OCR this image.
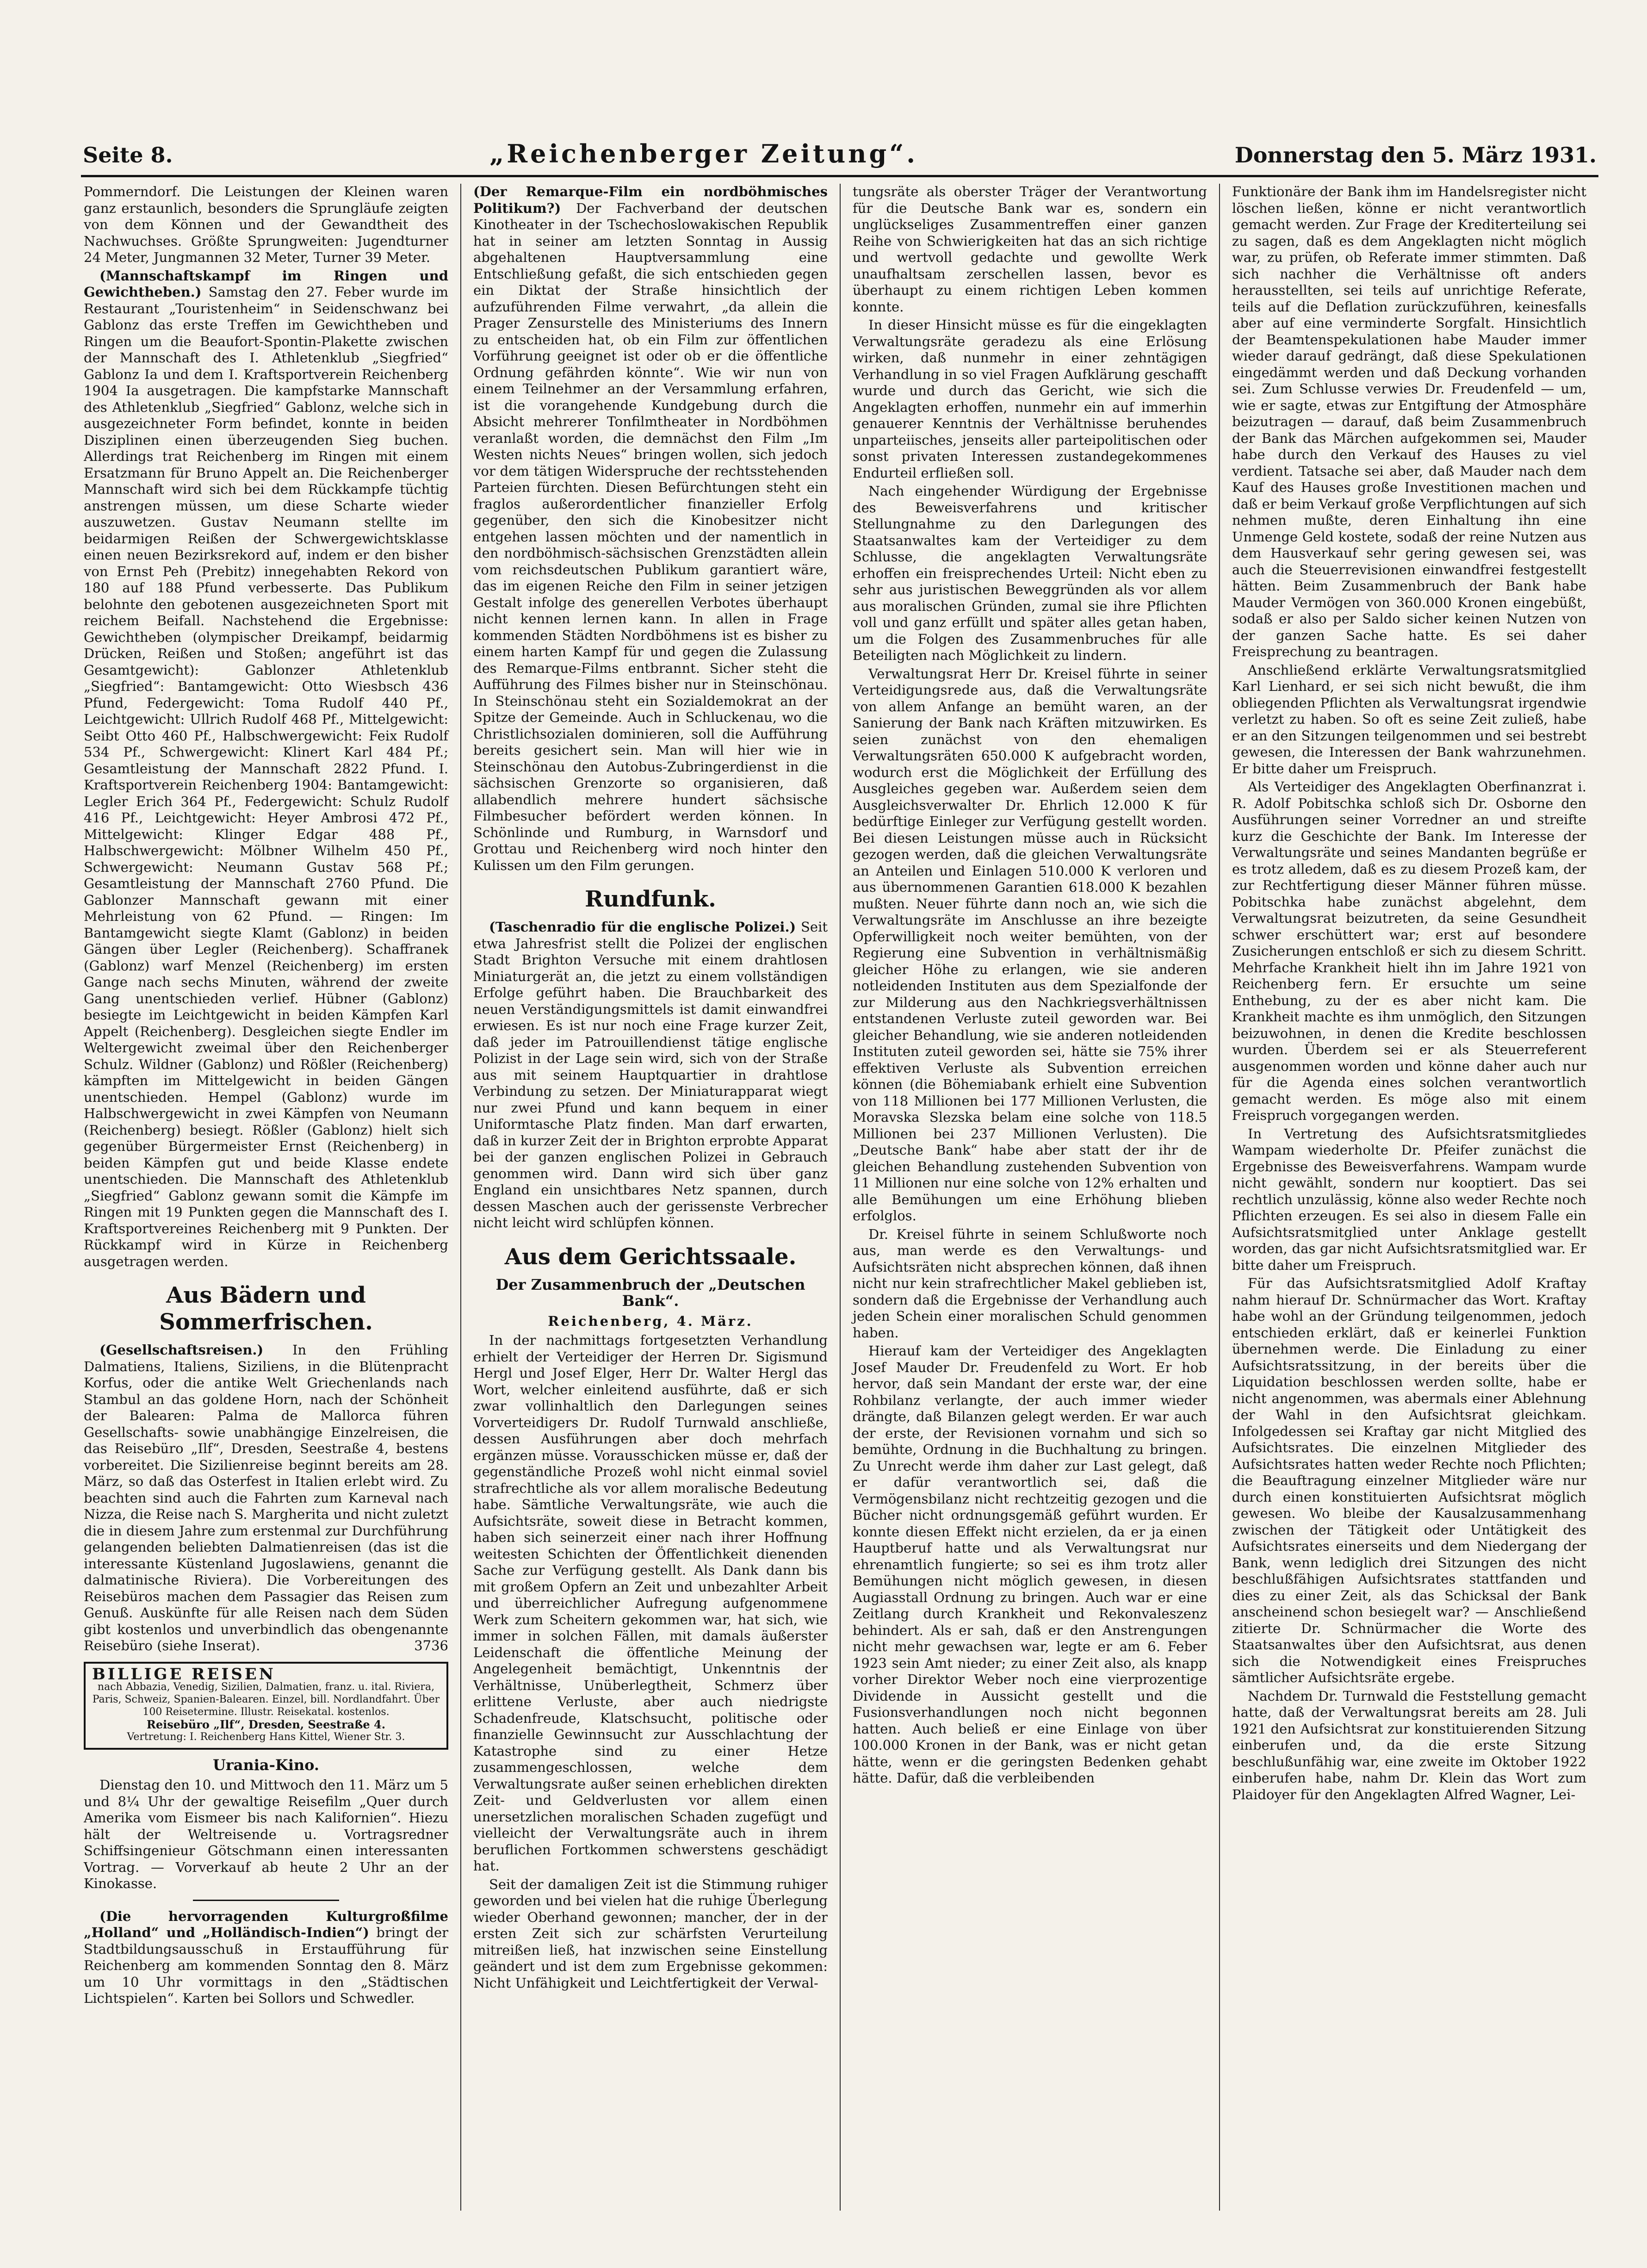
Seite 8.	„Reichenberger Zeitung“.	Donnerstag den 5. März 1931.

Pommerndorf. Die Leistungen der Kleinen waren ganz erstaunlich, besonders die Sprungläufe zeigten von dem Können und der Gewandtheit des Nachwuchses. Größte Sprungweiten: Jugendturner 24 Meter, Jungmannen 32 Meter, Turner 39 Meter.

(Mannschaftskampf im Ringen und Gewichtheben.) Samstag den 27. Feber wurde im Restaurant „Touristenheim“ in Seidenschwanz bei Gablonz das erste Treffen im Gewichtheben und Ringen um die Beaufort-Spontin-Plakette zwischen der Mannschaft des I. Athletenklub „Siegfried“ Gablonz Ia und dem I. Kraftsportverein Reichenberg 1904 Ia ausgetragen. Die kampfstarke Mannschaft des Athletenklub „Siegfried“ Gablonz, welche sich in ausgezeichneter Form befindet, konnte in beiden Disziplinen einen überzeugenden Sieg buchen. Allerdings trat Reichenberg im Ringen mit einem Ersatzmann für Bruno Appelt an. Die Reichenberger Mannschaft wird sich bei dem Rückkampfe tüchtig anstrengen müssen, um diese Scharte wieder auszuwetzen. Gustav Neumann stellte im beidarmigen Reißen der Schwergewichtsklasse einen neuen Bezirksrekord auf, indem er den bisher von Ernst Peh (Prebitz) innegehabten Rekord von 180 auf 188 Pfund verbesserte. Das Publikum belohnte den gebotenen ausgezeichneten Sport mit reichem Beifall. Nachstehend die Ergebnisse: Gewichtheben (olympischer Dreikampf, beidarmig Drücken, Reißen und Stoßen; angeführt ist das Gesamtgewicht): Gablonzer Athletenklub „Siegfried“: Bantamgewicht: Otto Wiesbsch 436 Pfund, Federgewicht: Toma Rudolf 440 Pf., Leichtgewicht: Ullrich Rudolf 468 Pf., Mittelgewicht: Seibt Otto 460 Pf., Halbschwergewicht: Feix Rudolf 534 Pf., Schwergewicht: Klinert Karl 484 Pf.; Gesamtleistung der Mannschaft 2822 Pfund. I. Kraftsportverein Reichenberg 1904: Bantamgewicht: Legler Erich 364 Pf., Federgewicht: Schulz Rudolf 416 Pf., Leichtgewicht: Heyer Ambrosi 472 Pf., Mittelgewicht: Klinger Edgar 488 Pf., Halbschwergewicht: Mölbner Wilhelm 450 Pf., Schwergewicht: Neumann Gustav 568 Pf.; Gesamtleistung der Mannschaft 2760 Pfund. Die Gablonzer Mannschaft gewann mit einer Mehrleistung von 62 Pfund. — Ringen: Im Bantamgewicht siegte Klamt (Gablonz) in beiden Gängen über Legler (Reichenberg). Schaffranek (Gablonz) warf Menzel (Reichenberg) im ersten Gange nach sechs Minuten, während der zweite Gang unentschieden verlief. Hübner (Gablonz) besiegte im Leichtgewicht in beiden Kämpfen Karl Appelt (Reichenberg). Desgleichen siegte Endler im Weltergewicht zweimal über den Reichenberger Schulz. Wildner (Gablonz) und Rößler (Reichenberg) kämpften im Mittelgewicht in beiden Gängen unentschieden. Hempel (Gablonz) wurde im Halbschwergewicht in zwei Kämpfen von Neumann (Reichenberg) besiegt. Rößler (Gablonz) hielt sich gegenüber Bürgermeister Ernst (Reichenberg) in beiden Kämpfen gut und beide Klasse endete unentschieden. Die Mannschaft des Athletenklub „Siegfried“ Gablonz gewann somit die Kämpfe im Ringen mit 19 Punkten gegen die Mannschaft des I. Kraftsportvereines Reichenberg mit 9 Punkten. Der Rückkampf wird in Kürze in Reichenberg ausgetragen werden.

Aus Bädern und Sommerfrischen.

(Gesellschaftsreisen.) In den Frühling Dalmatiens, Italiens, Siziliens, in die Blütenpracht Korfus, oder die antike Welt Griechenlands nach Stambul an das goldene Horn, nach der Schönheit der Balearen: Palma de Mallorca führen Gesellschafts- sowie unabhängige Einzelreisen, die das Reisebüro „Ilf“, Dresden, Seestraße 4, bestens vorbereitet. Die Sizilienreise beginnt bereits am 28. März, so daß das Osterfest in Italien erlebt wird. Zu beachten sind auch die Fahrten zum Karneval nach Nizza, die Reise nach S. Margherita und nicht zuletzt die in diesem Jahre zum erstenmal zur Durchführung gelangenden beliebten Dalmatienreisen (das ist die interessante Küstenland Jugoslawiens, genannt die dalmatinische Riviera). Die Vorbereitungen des Reisebüros machen dem Passagier das Reisen zum Genuß. Auskünfte für alle Reisen nach dem Süden gibt kostenlos und unverbindlich das obengenannte Reisebüro (siehe Inserat).	3736

BILLIGE REISEN
nach Abbazia, Venedig, Sizilien, Dalmatien, franz. u. ital. Riviera, Paris, Schweiz, Spanien-Balearen. Einzel, bill. Nordlandfahrt. Über 100 Reisetermine. Illustr. Reisekatal. kostenlos.
Reisebüro „Ilf“, Dresden, Seestraße 4.
Vertretung: I. Reichenberg Hans Kittel, Wiener Str. 3.
Urania-Kino.

Dienstag den 10. und Mittwoch den 11. März um 5 und 8¼ Uhr der gewaltige Reisefilm „Quer durch Amerika vom Eismeer bis nach Kalifornien“. Hiezu hält der Weltreisende u. Vortragsredner Schiffsingenieur Götschmann einen interessanten Vortrag. — Vorverkauf ab heute 2 Uhr an der Kinokasse.

(Die hervorragenden Kulturgroßfilme „Holland“ und „Holländisch-Indien“) bringt der Stadtbildungsausschuß in Erstaufführung für Reichenberg am kommenden Sonntag den 8. März um 10 Uhr vormittags in den „Städtischen Lichtspielen“. Karten bei Sollors und Schwedler.

(Der Remarque-Film ein nordböhmisches Politikum?) Der Fachverband der deutschen Kinotheater in der Tschechoslowakischen Republik hat in seiner am letzten Sonntag in Aussig abgehaltenen Hauptversammlung eine Entschließung gefaßt, die sich entschieden gegen ein Diktat der Straße hinsichtlich der aufzuführenden Filme verwahrt, „da allein die Prager Zensurstelle des Ministeriums des Innern zu entscheiden hat, ob ein Film zur öffentlichen Vorführung geeignet ist oder ob er die öffentliche Ordnung gefährden könnte“. Wie wir nun von einem Teilnehmer an der Versammlung erfahren, ist die vorangehende Kundgebung durch die Absicht mehrerer Tonfilmtheater in Nordböhmen veranlaßt worden, die demnächst den Film „Im Westen nichts Neues“ bringen wollen, sich jedoch vor dem tätigen Widerspruche der rechtsstehenden Parteien fürchten. Diesen Befürchtungen steht ein fraglos außerordentlicher finanzieller Erfolg gegenüber, den sich die Kinobesitzer nicht entgehen lassen möchten und der namentlich in den nordböhmisch-sächsischen Grenzstädten allein vom reichsdeutschen Publikum garantiert wäre, das im eigenen Reiche den Film in seiner jetzigen Gestalt infolge des generellen Verbotes überhaupt nicht kennen lernen kann. In allen in Frage kommenden Städten Nordböhmens ist es bisher zu einem harten Kampf für und gegen die Zulassung des Remarque-Films entbrannt. Sicher steht die Aufführung des Filmes bisher nur in Steinschönau. In Steinschönau steht ein Sozialdemokrat an der Spitze der Gemeinde. Auch in Schluckenau, wo die Christlichsozialen dominieren, soll die Aufführung bereits gesichert sein. Man will hier wie in Steinschönau den Autobus-Zubringerdienst in die sächsischen Grenzorte so organisieren, daß allabendlich mehrere hundert sächsische Filmbesucher befördert werden können. In Schönlinde und Rumburg, in Warnsdorf und Grottau und Reichenberg wird noch hinter den Kulissen um den Film gerungen.

Rundfunk.

(Taschenradio für die englische Polizei.) Seit etwa Jahresfrist stellt die Polizei der englischen Stadt Brighton Versuche mit einem drahtlosen Miniaturgerät an, die jetzt zu einem vollständigen Erfolge geführt haben. Die Brauchbarkeit des neuen Verständigungsmittels ist damit einwandfrei erwiesen. Es ist nur noch eine Frage kurzer Zeit, daß jeder im Patrouillendienst tätige englische Polizist in der Lage sein wird, sich von der Straße aus mit seinem Hauptquartier in drahtlose Verbindung zu setzen. Der Miniaturapparat wiegt nur zwei Pfund und kann bequem in einer Uniformtasche Platz finden. Man darf erwarten, daß in kurzer Zeit der in Brighton erprobte Apparat bei der ganzen englischen Polizei in Gebrauch genommen wird. Dann wird sich über ganz England ein unsichtbares Netz spannen, durch dessen Maschen auch der gerissenste Verbrecher nicht leicht wird schlüpfen können.

Aus dem Gerichtssaale.
Der Zusammenbruch der „Deutschen Bank“.
Reichenberg, 4. März.

In der nachmittags fortgesetzten Verhandlung erhielt der Verteidiger der Herren Dr. Sigismund Hergl und Josef Elger, Herr Dr. Walter Hergl das Wort, welcher einleitend ausführte, daß er sich zwar vollinhaltlich den Darlegungen seines Vorverteidigers Dr. Rudolf Turnwald anschließe, dessen Ausführungen aber doch mehrfach ergänzen müsse. Vorausschicken müsse er, daß der gegenständliche Prozeß wohl nicht einmal soviel strafrechtliche als vor allem moralische Bedeutung habe. Sämtliche Verwaltungsräte, wie auch die Aufsichtsräte, soweit diese in Betracht kommen, haben sich seinerzeit einer nach ihrer Hoffnung weitesten Schichten der Öffentlichkeit dienenden Sache zur Verfügung gestellt. Als Dank dann bis mit großem Opfern an Zeit und unbezahlter Arbeit und überreichlicher Aufregung aufgenommene Werk zum Scheitern gekommen war, hat sich, wie immer in solchen Fällen, mit damals äußerster Leidenschaft die öffentliche Meinung der Angelegenheit bemächtigt, Unkenntnis der Verhältnisse, Unüberlegtheit, Schmerz über erlittene Verluste, aber auch niedrigste Schadenfreude, Klatschsucht, politische oder finanzielle Gewinnsucht zur Ausschlachtung der Katastrophe sind zu einer Hetze zusammengeschlossen, welche dem Verwaltungsrate außer seinen erheblichen direkten Zeit- und Geldverlusten vor allem einen unersetzlichen moralischen Schaden zugefügt und vielleicht der Verwaltungsräte auch in ihrem beruflichen Fortkommen schwerstens geschädigt hat.

Seit der damaligen Zeit ist die Stimmung ruhiger geworden und bei vielen hat die ruhige Überlegung wieder Oberhand gewonnen; mancher, der in der ersten Zeit sich zur schärfsten Verurteilung mitreißen ließ, hat inzwischen seine Einstellung geändert und ist dem zum Ergebnisse gekommen: Nicht Unfähigkeit und Leichtfertigkeit der Verwal-

tungsräte als oberster Träger der Verantwortung für die Deutsche Bank war es, sondern ein unglückseliges Zusammentreffen einer ganzen Reihe von Schwierigkeiten hat das an sich richtige und wertvoll gedachte und gewollte Werk unaufhaltsam zerschellen lassen, bevor es überhaupt zu einem richtigen Leben kommen konnte.

In dieser Hinsicht müsse es für die eingeklagten Verwaltungsräte geradezu als eine Erlösung wirken, daß nunmehr in einer zehntägigen Verhandlung in so viel Fragen Aufklärung geschafft wurde und durch das Gericht, wie sich die Angeklagten erhoffen, nunmehr ein auf immerhin genauerer Kenntnis der Verhältnisse beruhendes unparteiisches, jenseits aller parteipolitischen oder sonst privaten Interessen zustandegekommenes Endurteil erfließen soll.

Nach eingehender Würdigung der Ergebnisse des Beweisverfahrens und kritischer Stellungnahme zu den Darlegungen des Staatsanwaltes kam der Verteidiger zu dem Schlusse, die angeklagten Verwaltungsräte erhoffen ein freisprechendes Urteil: Nicht eben zu sehr aus juristischen Beweggründen als vor allem aus moralischen Gründen, zumal sie ihre Pflichten voll und ganz erfüllt und später alles getan haben, um die Folgen des Zusammenbruches für alle Beteiligten nach Möglichkeit zu lindern.

Verwaltungsrat Herr Dr. Kreisel führte in seiner Verteidigungsrede aus, daß die Verwaltungsräte von allem Anfange an bemüht waren, an der Sanierung der Bank nach Kräften mitzuwirken. Es seien zunächst von den ehemaligen Verwaltungsräten 650.000 K aufgebracht worden, wodurch erst die Möglichkeit der Erfüllung des Ausgleiches gegeben war. Außerdem seien dem Ausgleichsverwalter Dr. Ehrlich 12.000 K für bedürftige Einleger zur Verfügung gestellt worden. Bei diesen Leistungen müsse auch in Rücksicht gezogen werden, daß die gleichen Verwaltungsräte an Anteilen und Einlagen 510.000 K verloren und aus übernommenen Garantien 618.000 K bezahlen mußten. Neuer führte dann noch an, wie sich die Verwaltungsräte im Anschlusse an ihre bezeigte Opferwilligkeit noch weiter bemühten, von der Regierung eine Subvention in verhältnismäßig gleicher Höhe zu erlangen, wie sie anderen notleidenden Instituten aus dem Spezialfonde der zur Milderung aus den Nachkriegsverhältnissen entstandenen Verluste zuteil geworden war. Bei gleicher Behandlung, wie sie anderen notleidenden Instituten zuteil geworden sei, hätte sie 75% ihrer effektiven Verluste als Subvention erreichen können (die Böhemiabank erhielt eine Subvention von 118 Millionen bei 177 Millionen Verlusten, die Moravska Slezska belam eine solche von 118.5 Millionen bei 237 Millionen Verlusten). Die „Deutsche Bank“ habe aber statt der ihr de gleichen Behandlung zustehenden Subvention von 11 Millionen nur eine solche von 12% erhalten und alle Bemühungen um eine Erhöhung blieben erfolglos.

Dr. Kreisel führte in seinem Schlußworte noch aus, man werde es den Verwaltungs- und Aufsichtsräten nicht absprechen können, daß ihnen nicht nur kein strafrechtlicher Makel geblieben ist, sondern daß die Ergebnisse der Verhandlung auch jeden Schein einer moralischen Schuld genommen haben.

Hierauf kam der Verteidiger des Angeklagten Josef Mauder Dr. Freudenfeld zu Wort. Er hob hervor, daß sein Mandant der erste war, der eine Rohbilanz verlangte, der auch immer wieder drängte, daß Bilanzen gelegt werden. Er war auch der erste, der Revisionen vornahm und sich so bemühte, Ordnung in die Buchhaltung zu bringen. Zu Unrecht werde ihm daher zur Last gelegt, daß er dafür verantwortlich sei, daß die Vermögensbilanz nicht rechtzeitig gezogen und die Bücher nicht ordnungsgemäß geführt wurden. Er konnte diesen Effekt nicht erzielen, da er ja einen Hauptberuf hatte und als Verwaltungsrat nur ehrenamtlich fungierte; so sei es ihm trotz aller Bemühungen nicht möglich gewesen, in diesen Augiasstall Ordnung zu bringen. Auch war er eine Zeitlang durch Krankheit und Rekonvaleszenz behindert. Als er sah, daß er den Anstrengungen nicht mehr gewachsen war, legte er am 6. Feber 1923 sein Amt nieder; zu einer Zeit also, als knapp vorher Direktor Weber noch eine vierprozentige Dividende in Aussicht gestellt und die Fusionsverhandlungen noch nicht begonnen hatten. Auch beließ er eine Einlage von über 100.000 Kronen in der Bank, was er nicht getan hätte, wenn er die geringsten Bedenken gehabt hätte. Dafür, daß die verbleibenden

Funktionäre der Bank ihm im Handelsregister nicht löschen ließen, könne er nicht verantwortlich gemacht werden. Zur Frage der Krediterteilung sei zu sagen, daß es dem Angeklagten nicht möglich war, zu prüfen, ob Referate immer stimmten. Daß sich nachher die Verhältnisse oft anders herausstellten, sei teils auf unrichtige Referate, teils auf die Deflation zurückzuführen, keinesfalls aber auf eine verminderte Sorgfalt. Hinsichtlich der Beamtenspekulationen habe Mauder immer wieder darauf gedrängt, daß diese Spekulationen eingedämmt werden und daß Deckung vorhanden sei. Zum Schlusse verwies Dr. Freudenfeld — um, wie er sagte, etwas zur Entgiftung der Atmosphäre beizutragen — darauf, daß beim Zusammenbruch der Bank das Märchen aufgekommen sei, Mauder habe durch den Verkauf des Hauses zu viel verdient. Tatsache sei aber, daß Mauder nach dem Kauf des Hauses große Investitionen machen und daß er beim Verkauf große Verpflichtungen auf sich nehmen mußte, deren Einhaltung ihn eine Unmenge Geld kostete, sodaß der reine Nutzen aus dem Hausverkauf sehr gering gewesen sei, was auch die Steuerrevisionen einwandfrei festgestellt hätten. Beim Zusammenbruch der Bank habe Mauder Vermögen von 360.000 Kronen eingebüßt, sodaß er also per Saldo sicher keinen Nutzen von der ganzen Sache hatte. Es sei daher Freisprechung zu beantragen.

Anschließend erklärte Verwaltungsratsmitglied Karl Lienhard, er sei sich nicht bewußt, die ihm obliegenden Pflichten als Verwaltungsrat irgendwie verletzt zu haben. So oft es seine Zeit zuließ, habe er an den Sitzungen teilgenommen und sei bestrebt gewesen, die Interessen der Bank wahrzunehmen. Er bitte daher um Freispruch.

Als Verteidiger des Angeklagten Oberfinanzrat i. R. Adolf Pobitschka schloß sich Dr. Osborne den Ausführungen seiner Vorredner an und streifte kurz die Geschichte der Bank. Im Interesse der Verwaltungsräte und seines Mandanten begrüße er es trotz alledem, daß es zu diesem Prozeß kam, der zur Rechtfertigung dieser Männer führen müsse. Pobitschka habe zunächst abgelehnt, dem Verwaltungsrat beizutreten, da seine Gesundheit schwer erschüttert war; erst auf besondere Zusicherungen entschloß er sich zu diesem Schritt. Mehrfache Krankheit hielt ihn im Jahre 1921 von Reichenberg fern. Er ersuchte um seine Enthebung, zu der es aber nicht kam. Die Krankheit machte es ihm unmöglich, den Sitzungen beizuwohnen, in denen die Kredite beschlossen wurden. Überdem sei er als Steuerreferent ausgenommen worden und könne daher auch nur für die Agenda eines solchen verantwortlich gemacht werden. Es möge also mit einem Freispruch vorgegangen werden.

In Vertretung des Aufsichtsratsmitgliedes Wampam wiederholte Dr. Pfeifer zunächst die Ergebnisse des Beweisverfahrens. Wampam wurde nicht gewählt, sondern nur kooptiert. Das sei rechtlich unzulässig, könne also weder Rechte noch Pflichten erzeugen. Es sei also in diesem Falle ein Aufsichtsratsmitglied unter Anklage gestellt worden, das gar nicht Aufsichtsratsmitglied war. Er bitte daher um Freispruch.

Für das Aufsichtsratsmitglied Adolf Kraftay nahm hierauf Dr. Schnürmacher das Wort. Kraftay habe wohl an der Gründung teilgenommen, jedoch entschieden erklärt, daß er keinerlei Funktion übernehmen werde. Die Einladung zu einer Aufsichtsratssitzung, in der bereits über die Liquidation beschlossen werden sollte, habe er nicht angenommen, was abermals einer Ablehnung der Wahl in den Aufsichtsrat gleichkam. Infolgedessen sei Kraftay gar nicht Mitglied des Aufsichtsrates. Die einzelnen Mitglieder des Aufsichtsrates hatten weder Rechte noch Pflichten; die Beauftragung einzelner Mitglieder wäre nur durch einen konstituierten Aufsichtsrat möglich gewesen. Wo bleibe der Kausalzusammenhang zwischen der Tätigkeit oder Untätigkeit des Aufsichtsrates einerseits und dem Niedergang der Bank, wenn lediglich drei Sitzungen des nicht beschlußfähigen Aufsichtsrates stattfanden und dies zu einer Zeit, als das Schicksal der Bank anscheinend schon besiegelt war? — Anschließend zitierte Dr. Schnürmacher die Worte des Staatsanwaltes über den Aufsichtsrat, aus denen sich die Notwendigkeit eines Freispruches sämtlicher Aufsichtsräte ergebe.

Nachdem Dr. Turnwald die Feststellung gemacht hatte, daß der Verwaltungsrat bereits am 28. Juli 1921 den Aufsichtsrat zur konstituierenden Sitzung einberufen und, da die erste Sitzung beschlußunfähig war, eine zweite im Oktober 1922 einberufen habe, nahm Dr. Klein das Wort zum Plaidoyer für den Angeklagten Alfred Wagner, Lei-
